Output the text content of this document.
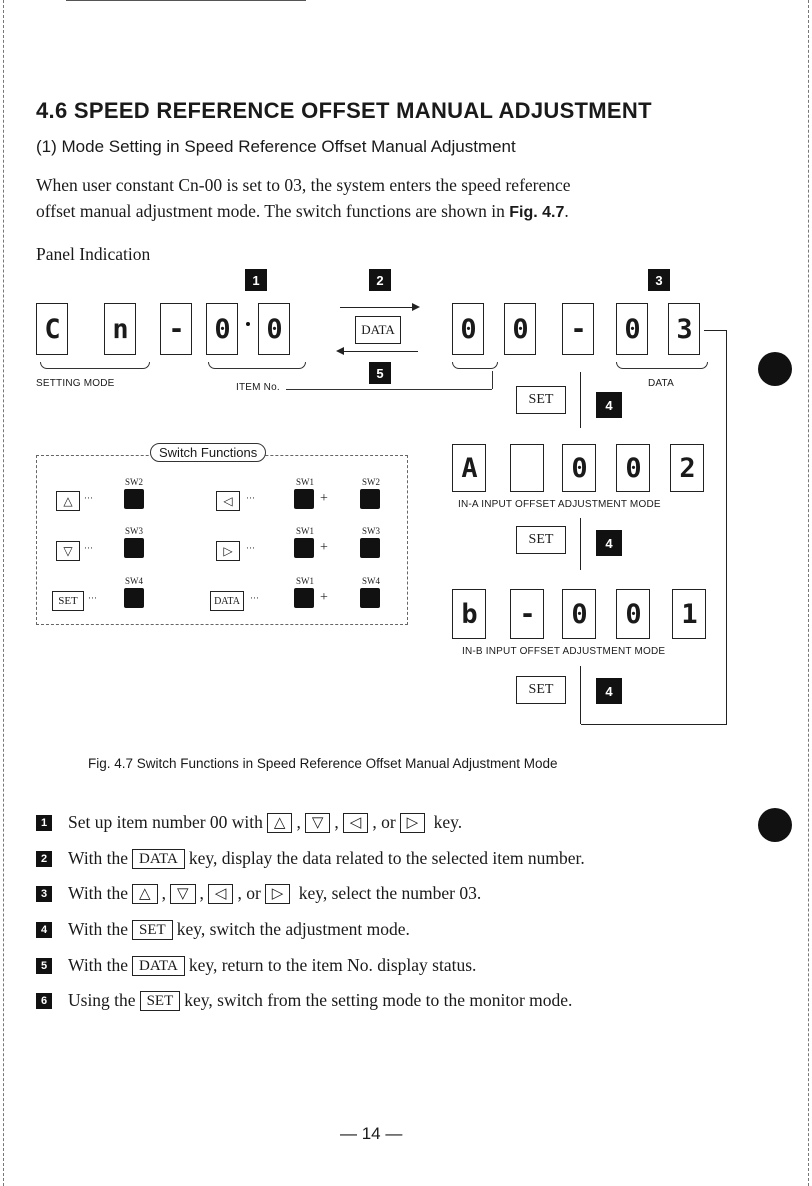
4.6 SPEED REFERENCE OFFSET MANUAL ADJUSTMENT
(1) Mode Setting in Speed Reference Offset Manual Adjustment
When user constant Cn-00 is set to 03, the system enters the speed reference
offset manual adjustment mode. The switch functions are shown in Fig. 4.7.
Panel Indication
1	2	3
C n - 0 0	0 0 - 0 3
DATA
5
SETTING MODE	ITEM No.	DATA
SET	4
A	0 0 2
IN-A INPUT OFFSET ADJUSTMENT MODE
SET	4
b - 0 0 1
IN-B INPUT OFFSET ADJUSTMENT MODE
SET	4
Switch Functions
△	···
SW2
◁	···
SW1
+
SW2
▽	···
SW3
▷	···
SW1
+
SW3
SET	···
SW4
DATA	···
SW1
+
SW4
Fig. 4.7 Switch Functions in Speed Reference Offset Manual Adjustment Mode
1 Set up item number 00 with △ , ▽ , ◁ , or ▷
key.
2 With the DATA key, display the data related to the selected item number.
3 With the △ , ▽ , ◁ , or ▷
key, select the number 03.
4 With the SET key, switch the adjustment mode.
5 With the DATA key, return to the item No. display status.
6 Using the SET key, switch from the setting mode to the monitor mode.
— 14 —
